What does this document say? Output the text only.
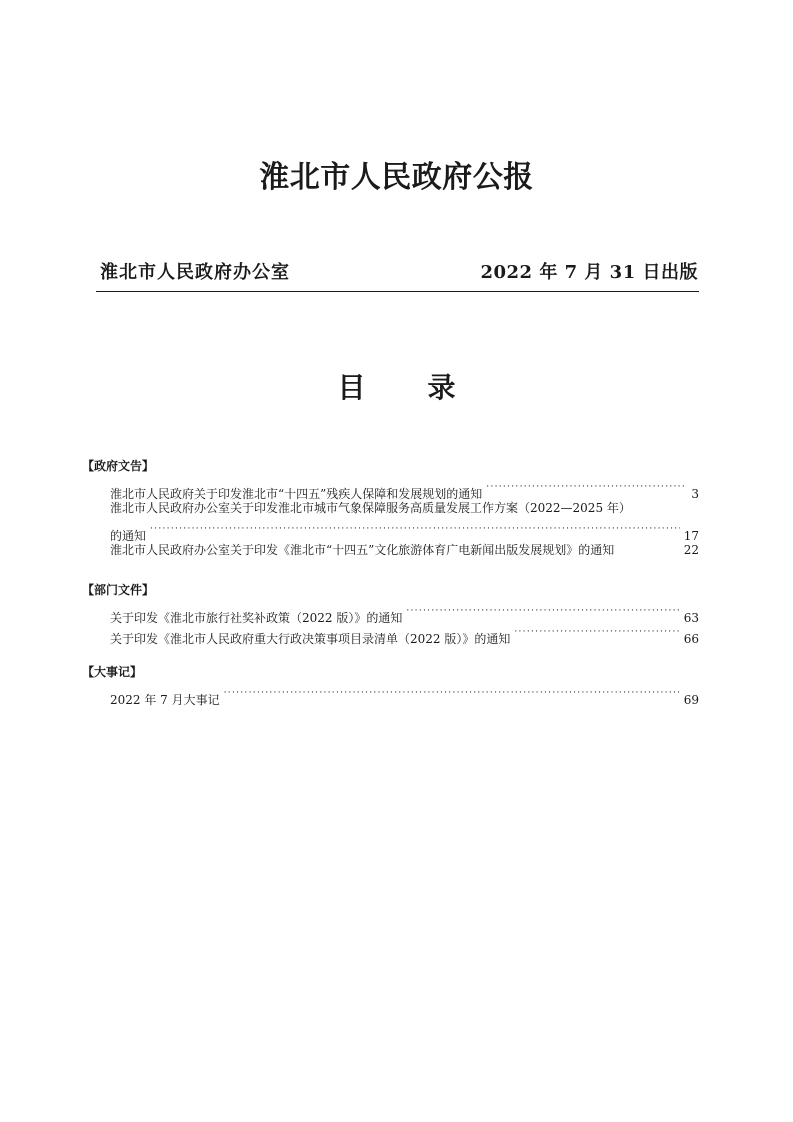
淮北市人民政府公报
淮北市人民政府办公室	2022 年 7 月 31 日出版
目录
【政府文告】
淮北市人民政府关于印发淮北市“十四五”残疾人保障和发展规划的通知 ·····	3
淮北市人民政府办公室关于印发淮北市城市气象保障服务高质量发展工作方案（2022—2025 年）
的通知 ·····	17
淮北市人民政府办公室关于印发《淮北市“十四五”文化旅游体育广电新闻出版发展规划》的通知	22
【部门文件】
关于印发《淮北市旅行社奖补政策（2022 版）》的通知 ·····	63
关于印发《淮北市人民政府重大行政决策事项目录清单（2022 版）》的通知 ·····	66
【大事记】
2022 年 7 月大事记 ·····	69
